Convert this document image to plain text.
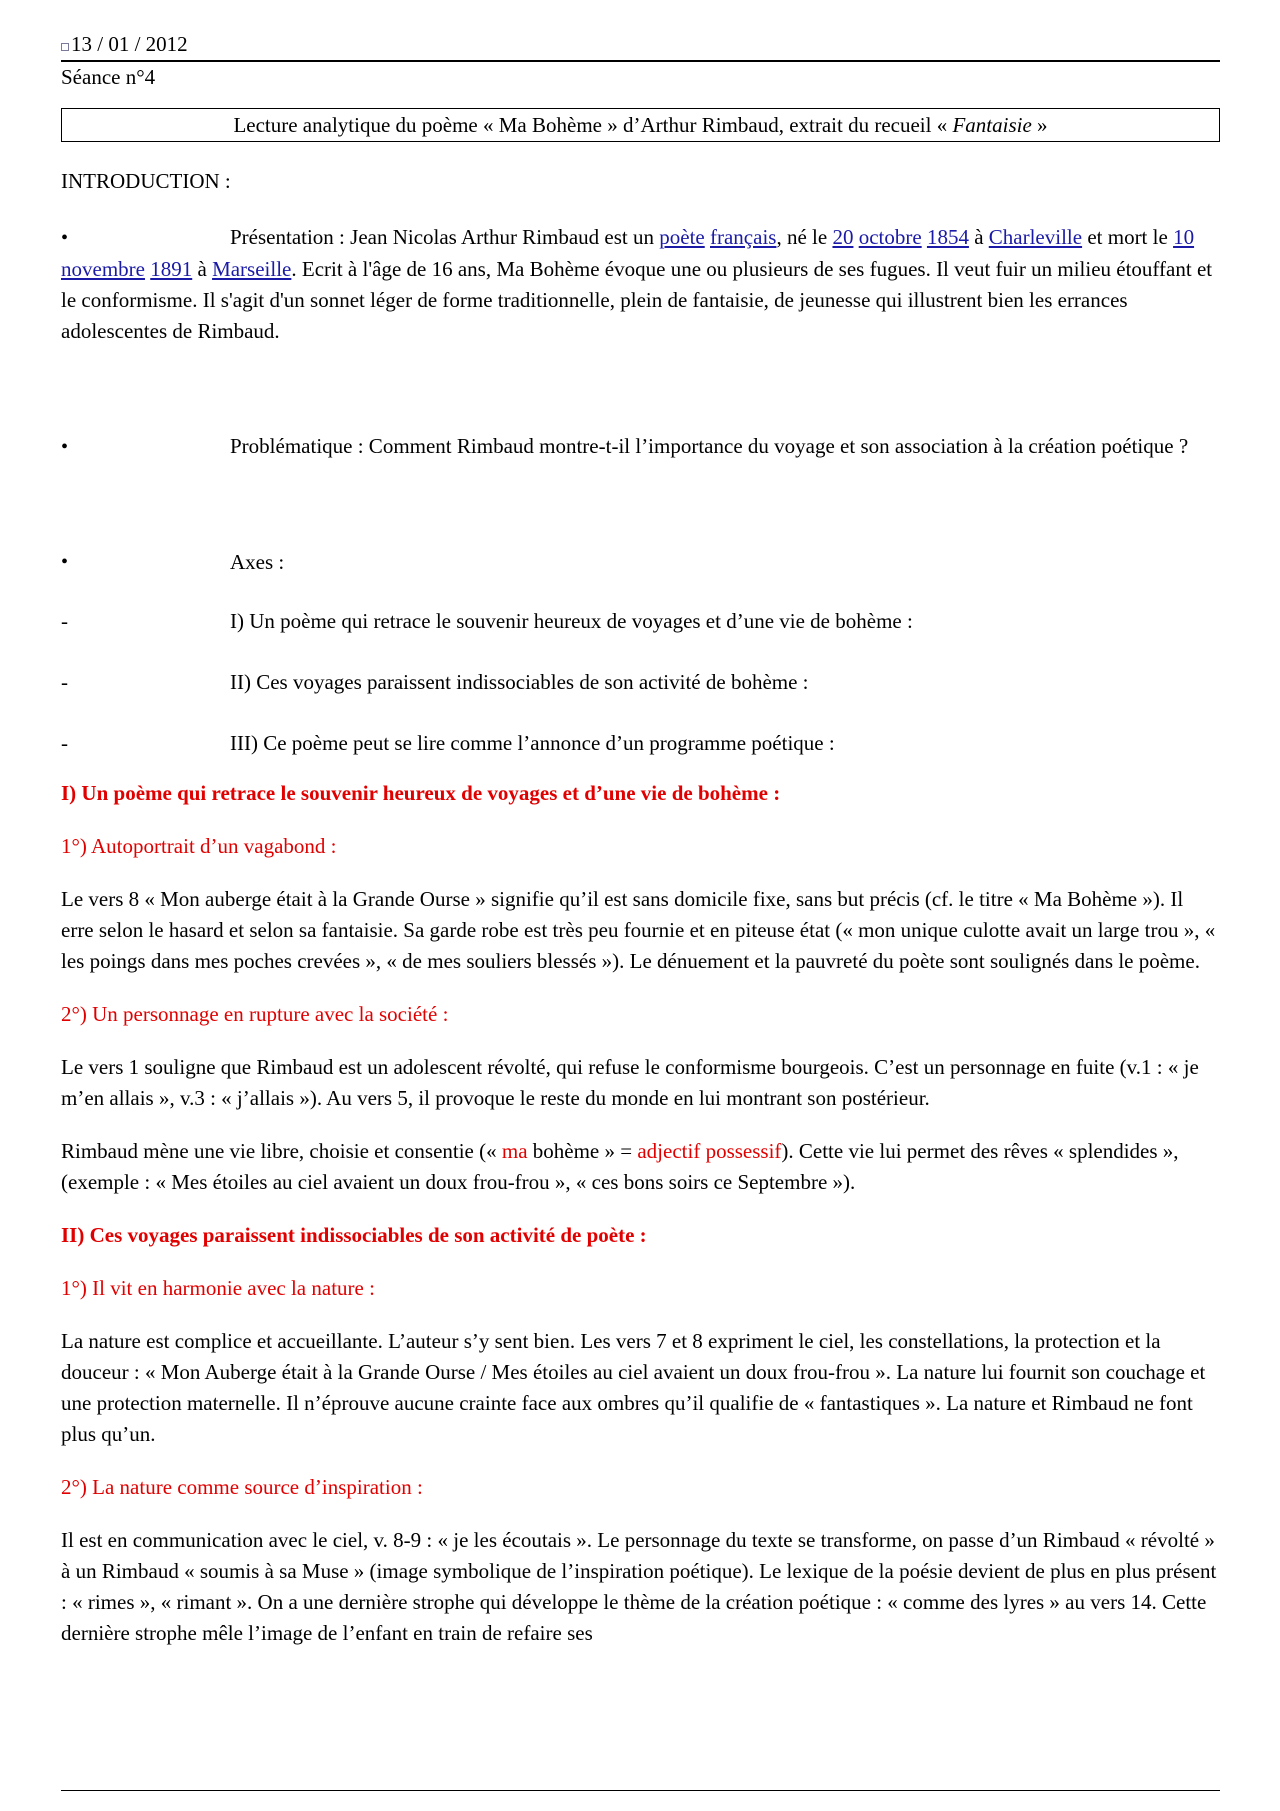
13 / 01 / 2012
Séance n°4
Lecture analytique du poème « Ma Bohème » d’Arthur Rimbaud, extrait du recueil « Fantaisie »
INTRODUCTION :
•	Présentation : Jean Nicolas Arthur Rimbaud est un poète français, né le 20 octobre 1854 à Charleville et mort le 10 novembre 1891 à Marseille. Ecrit à l'âge de 16 ans, Ma Bohème évoque une ou plusieurs de ses fugues. Il veut fuir un milieu étouffant et le conformisme. Il s'agit d'un sonnet léger de forme traditionnelle, plein de fantaisie, de jeunesse qui illustrent bien les errances adolescentes de Rimbaud.
•	Problématique : Comment Rimbaud montre-t-il l’importance du voyage et son association à la création poétique ?
•	Axes :
-	I) Un poème qui retrace le souvenir heureux de voyages et d’une vie de bohème :
-	II) Ces voyages paraissent indissociables de son activité de bohème :
-	III) Ce poème peut se lire comme l’annonce d’un programme poétique :
I) Un poème qui retrace le souvenir heureux de voyages et d’une vie de bohème :
1°) Autoportrait d’un vagabond :
Le vers 8 « Mon auberge était à la Grande Ourse » signifie qu’il est sans domicile fixe, sans but précis (cf. le titre « Ma Bohème »). Il erre selon le hasard et selon sa fantaisie. Sa garde robe est très peu fournie et en piteuse état (« mon unique culotte avait un large trou », « les poings dans mes poches crevées », « de mes souliers blessés »). Le dénuement et la pauvreté du poète sont soulignés dans le poème.
2°) Un personnage en rupture avec la société :
Le vers 1 souligne que Rimbaud est un adolescent révolté, qui refuse le conformisme bourgeois. C’est un personnage en fuite (v.1 : « je m’en allais », v.3 : « j’allais »). Au vers 5, il provoque le reste du monde en lui montrant son postérieur.
Rimbaud mène une vie libre, choisie et consentie (« ma bohème » = adjectif possessif). Cette vie lui permet des rêves « splendides », (exemple : « Mes étoiles au ciel avaient un doux frou-frou », « ces bons soirs ce Septembre »).
II) Ces voyages paraissent indissociables de son activité de poète :
1°) Il vit en harmonie avec la nature :
La nature est complice et accueillante. L’auteur s’y sent bien. Les vers 7 et 8 expriment le ciel, les constellations, la protection et la douceur : « Mon Auberge était à la Grande Ourse / Mes étoiles au ciel avaient un doux frou-frou ». La nature lui fournit son couchage et une protection maternelle. Il n’éprouve aucune crainte face aux ombres qu’il qualifie de « fantastiques ». La nature et Rimbaud ne font plus qu’un.
2°) La nature comme source d’inspiration :
Il est en communication avec le ciel, v. 8-9 : « je les écoutais ». Le personnage du texte se transforme, on passe d’un Rimbaud « révolté » à un Rimbaud « soumis à sa Muse » (image symbolique de l’inspiration poétique). Le lexique de la poésie devient de plus en plus présent : « rimes », « rimant ». On a une dernière strophe qui développe le thème de la création poétique : « comme des lyres » au vers 14. Cette dernière strophe mêle l’image de l’enfant en train de refaire ses
